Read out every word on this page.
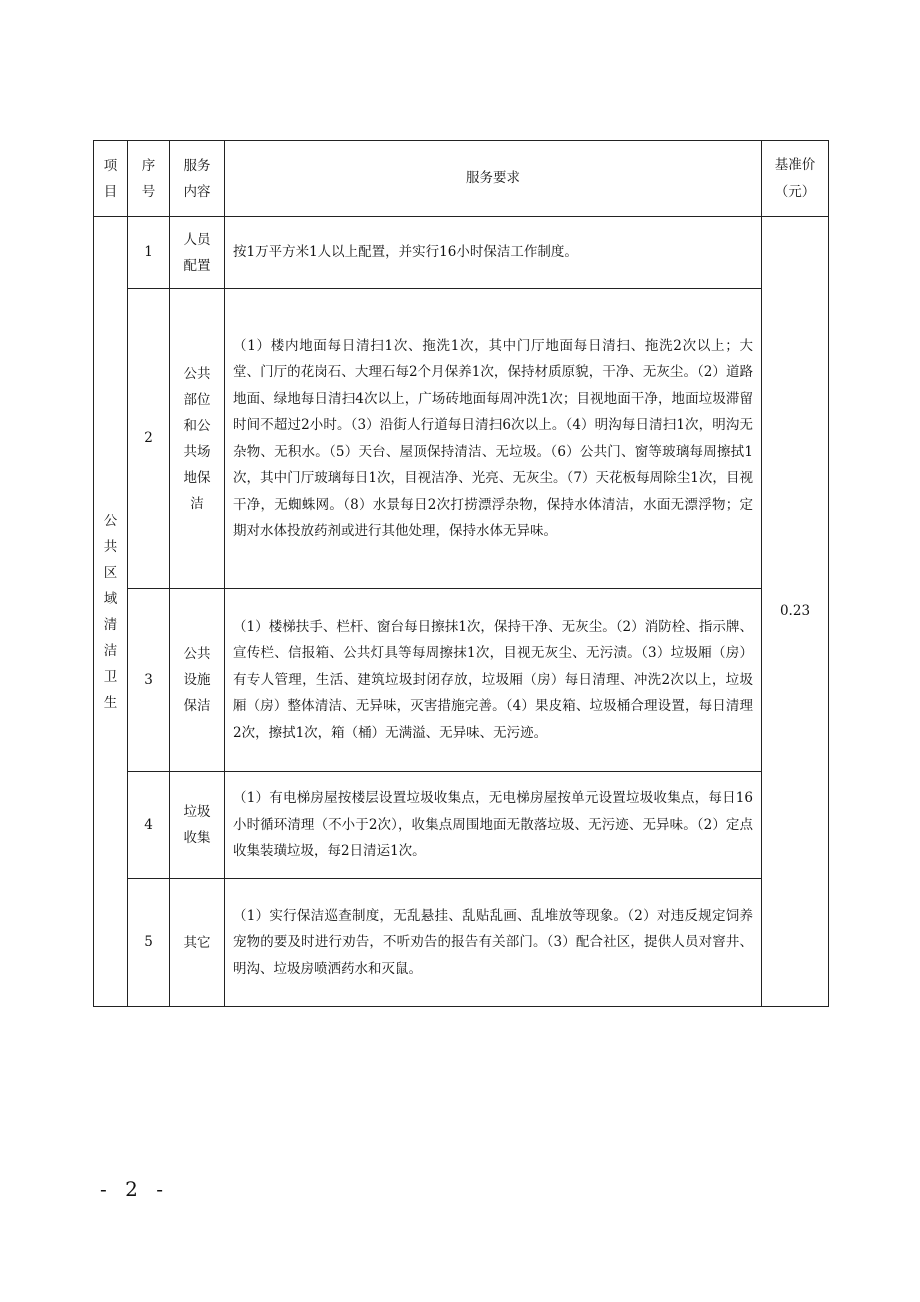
项目	序号	服务内容	服务要求	基准价（元）

公共区域清洁卫生	1	人员配置	按1万平方米1人以上配置，并实行16小时保洁工作制度。	0.23
	2	公共部位和公共场地保洁	（1）楼内地面每日清扫1次、拖洗1次，其中门厅地面每日清扫、拖洗2次以上；大堂、门厅的花岗石、大理石每2个月保养1次，保持材质原貌，干净、无灰尘。（2）道路地面、绿地每日清扫4次以上，广场砖地面每周冲洗1次；目视地面干净，地面垃圾滞留时间不超过2小时。（3）沿街人行道每日清扫6次以上。（4）明沟每日清扫1次，明沟无杂物、无积水。（5）天台、屋顶保持清洁、无垃圾。（6）公共门、窗等玻璃每周擦拭1次，其中门厅玻璃每日1次，目视洁净、光亮、无灰尘。（7）天花板每周除尘1次，目视干净，无蜘蛛网。（8）水景每日2次打捞漂浮杂物，保持水体清洁，水面无漂浮物；定期对水体投放药剂或进行其他处理，保持水体无异味。	
	3	公共设施保洁	（1）楼梯扶手、栏杆、窗台每日擦抹1次，保持干净、无灰尘。（2）消防栓、指示牌、宣传栏、信报箱、公共灯具等每周擦抹1次，目视无灰尘、无污渍。（3）垃圾厢（房）有专人管理，生活、建筑垃圾封闭存放，垃圾厢（房）每日清理、冲洗2次以上，垃圾厢（房）整体清洁、无异味，灭害措施完善。（4）果皮箱、垃圾桶合理设置，每日清理2次，擦拭1次，箱（桶）无满溢、无异味、无污迹。	
	4	垃圾收集	（1）有电梯房屋按楼层设置垃圾收集点，无电梯房屋按单元设置垃圾收集点，每日16小时循环清理（不小于2次），收集点周围地面无散落垃圾、无污迹、无异味。（2）定点收集装璜垃圾，每2日清运1次。	
	5	其它	（1）实行保洁巡查制度，无乱悬挂、乱贴乱画、乱堆放等现象。（2）对违反规定饲养宠物的要及时进行劝告，不听劝告的报告有关部门。（3）配合社区，提供人员对窨井、明沟、垃圾房喷洒药水和灭鼠。	
- 2 -
